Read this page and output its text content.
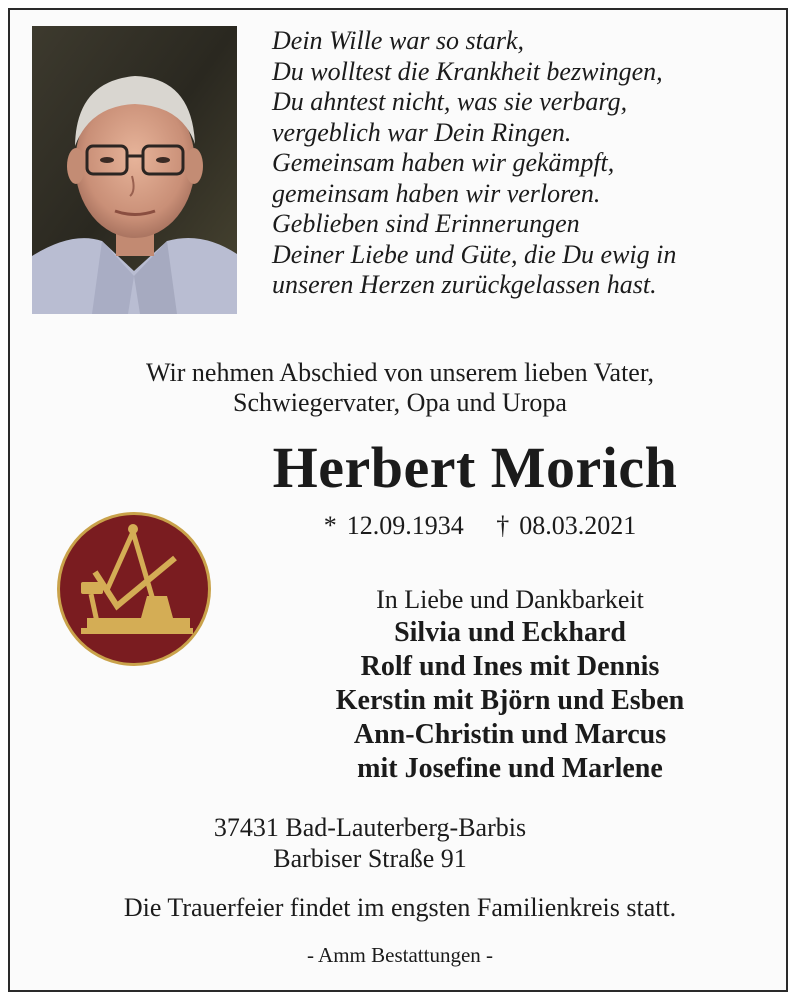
Dein Wille war so stark,
Du wolltest die Krankheit bezwingen,
Du ahntest nicht, was sie verbarg,
vergeblich war Dein Ringen.
Gemeinsam haben wir gekämpft,
gemeinsam haben wir verloren.
Geblieben sind Erinnerungen
Deiner Liebe und Güte, die Du ewig in
unseren Herzen zurückgelassen hast.
Wir nehmen Abschied von unserem lieben Vater,
Schwiegervater, Opa und Uropa
Herbert Morich
* 12.09.1934 † 08.03.2021
In Liebe und Dankbarkeit
Silvia und Eckhard
Rolf und Ines mit Dennis
Kerstin mit Björn und Esben
Ann-Christin und Marcus
mit Josefine und Marlene
37431 Bad-Lauterberg-Barbis
Barbiser Straße 91
Die Trauerfeier findet im engsten Familienkreis statt.
- Amm Bestattungen -
